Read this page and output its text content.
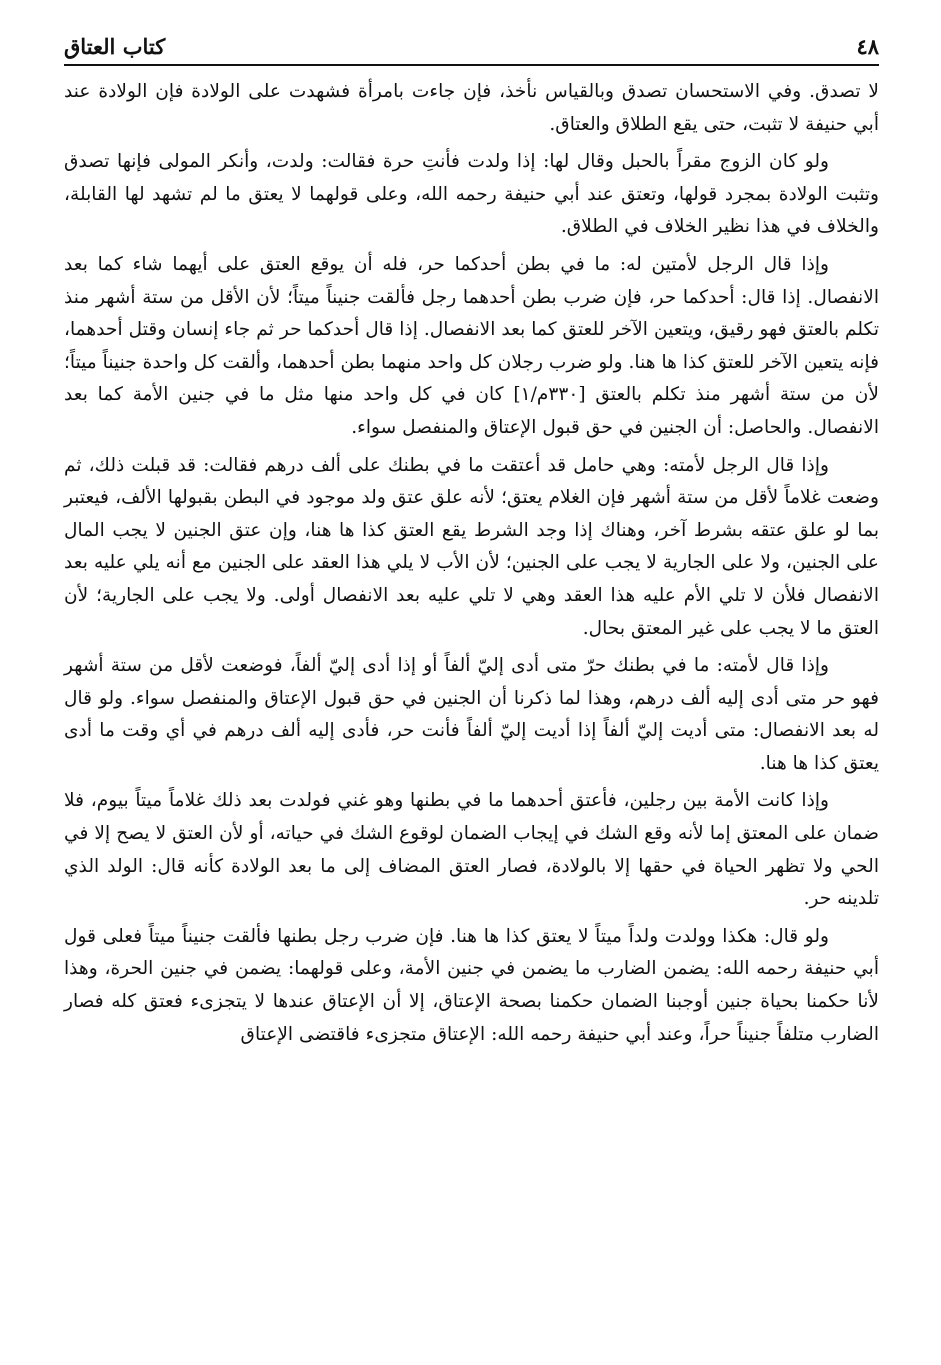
٤٨
كتاب العتاق

لا تصدق. وفي الاستحسان تصدق وبالقياس نأخذ، فإن جاءت بامرأة فشهدت على الولادة فإن الولادة عند أبي حنيفة لا تثبت، حتى يقع الطلاق والعتاق.

ولو كان الزوج مقراً بالحبل وقال لها: إذا ولدت فأنتِ حرة فقالت: ولدت، وأنكر المولى فإنها تصدق وتثبت الولادة بمجرد قولها، وتعتق عند أبي حنيفة رحمه الله، وعلى قولهما لا يعتق ما لم تشهد لها القابلة، والخلاف في هذا نظير الخلاف في الطلاق.

وإذا قال الرجل لأمتين له: ما في بطن أحدكما حر، فله أن يوقع العتق على أيهما شاء كما بعد الانفصال. إذا قال: أحدكما حر، فإن ضرب بطن أحدهما رجل فألقت جنيناً ميتاً؛ لأن الأقل من ستة أشهر منذ تكلم بالعتق فهو رقيق، ويتعين الآخر للعتق كما بعد الانفصال. إذا قال أحدكما حر ثم جاء إنسان وقتل أحدهما، فإنه يتعين الآخر للعتق كذا ها هنا. ولو ضرب رجلان كل واحد منهما بطن أحدهما، وألقت كل واحدة جنيناً ميتاً؛ لأن من ستة أشهر منذ تكلم بالعتق [٣٣٠م/١] كان في كل واحد منها مثل ما في جنين الأمة كما بعد الانفصال. والحاصل: أن الجنين في حق قبول الإعتاق والمنفصل سواء.

وإذا قال الرجل لأمته: وهي حامل قد أعتقت ما في بطنك على ألف درهم فقالت: قد قبلت ذلك، ثم وضعت غلاماً لأقل من ستة أشهر فإن الغلام يعتق؛ لأنه علق عتق ولد موجود في البطن بقبولها الألف، فيعتبر بما لو علق عتقه بشرط آخر، وهناك إذا وجد الشرط يقع العتق كذا ها هنا، وإن عتق الجنين لا يجب المال على الجنين، ولا على الجارية لا يجب على الجنين؛ لأن الأب لا يلي هذا العقد على الجنين مع أنه يلي عليه بعد الانفصال فلأن لا تلي الأم عليه هذا العقد وهي لا تلي عليه بعد الانفصال أولى. ولا يجب على الجارية؛ لأن العتق ما لا يجب على غير المعتق بحال.

وإذا قال لأمته: ما في بطنك حرّ متى أدى إليّ ألفاً أو إذا أدى إليّ ألفاً، فوضعت لأقل من ستة أشهر فهو حر متى أدى إليه ألف درهم، وهذا لما ذكرنا أن الجنين في حق قبول الإعتاق والمنفصل سواء. ولو قال له بعد الانفصال: متى أديت إليّ ألفاً إذا أديت إليّ ألفاً فأنت حر، فأدى إليه ألف درهم في أي وقت ما أدى يعتق كذا ها هنا.

وإذا كانت الأمة بين رجلين، فأعتق أحدهما ما في بطنها وهو غني فولدت بعد ذلك غلاماً ميتاً بيوم، فلا ضمان على المعتق إما لأنه وقع الشك في إيجاب الضمان لوقوع الشك في حياته، أو لأن العتق لا يصح إلا في الحي ولا تظهر الحياة في حقها إلا بالولادة، فصار العتق المضاف إلى ما بعد الولادة كأنه قال: الولد الذي تلدينه حر.

ولو قال: هكذا وولدت ولداً ميتاً لا يعتق كذا ها هنا. فإن ضرب رجل بطنها فألقت جنيناً ميتاً فعلى قول أبي حنيفة رحمه الله: يضمن الضارب ما يضمن في جنين الأمة، وعلى قولهما: يضمن في جنين الحرة، وهذا لأنا حكمنا بحياة جنين أوجبنا الضمان حكمنا بصحة الإعتاق، إلا أن الإعتاق عندها لا يتجزىء فعتق كله فصار الضارب متلفاً جنيناً حراً، وعند أبي حنيفة رحمه الله: الإعتاق متجزىء فاقتضى الإعتاق
